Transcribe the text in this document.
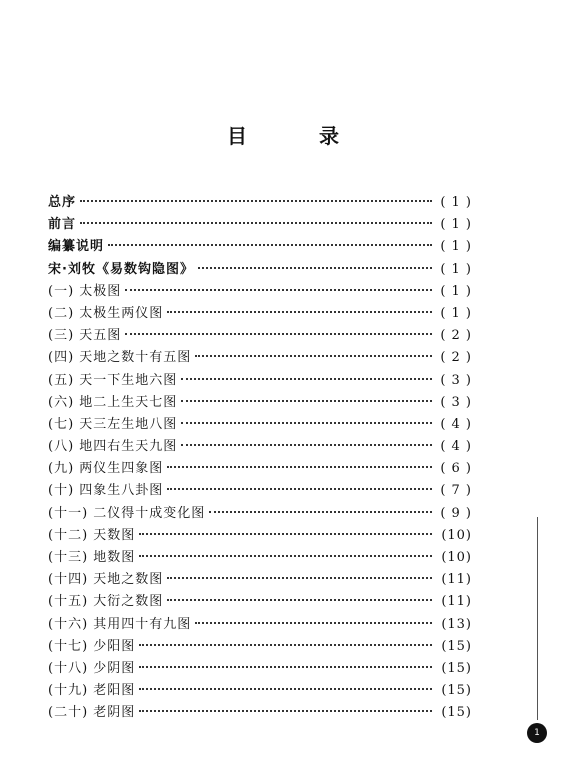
目　录
总序	( 1 )
前言	( 1 )
编纂说明	( 1 )
宋·刘牧《易数钩隐图》	( 1 )
(一) 太极图	( 1 )
(二) 太极生两仪图	( 1 )
(三) 天五图	( 2 )
(四) 天地之数十有五图	( 2 )
(五) 天一下生地六图	( 3 )
(六) 地二上生天七图	( 3 )
(七) 天三左生地八图	( 4 )
(八) 地四右生天九图	( 4 )
(九) 两仪生四象图	( 6 )
(十) 四象生八卦图	( 7 )
(十一) 二仪得十成变化图	( 9 )
(十二) 天数图	(10)
(十三) 地数图	(10)
(十四) 天地之数图	(11)
(十五) 大衍之数图	(11)
(十六) 其用四十有九图	(13)
(十七) 少阳图	(15)
(十八) 少阴图	(15)
(十九) 老阳图	(15)
(二十) 老阴图	(15)
1
